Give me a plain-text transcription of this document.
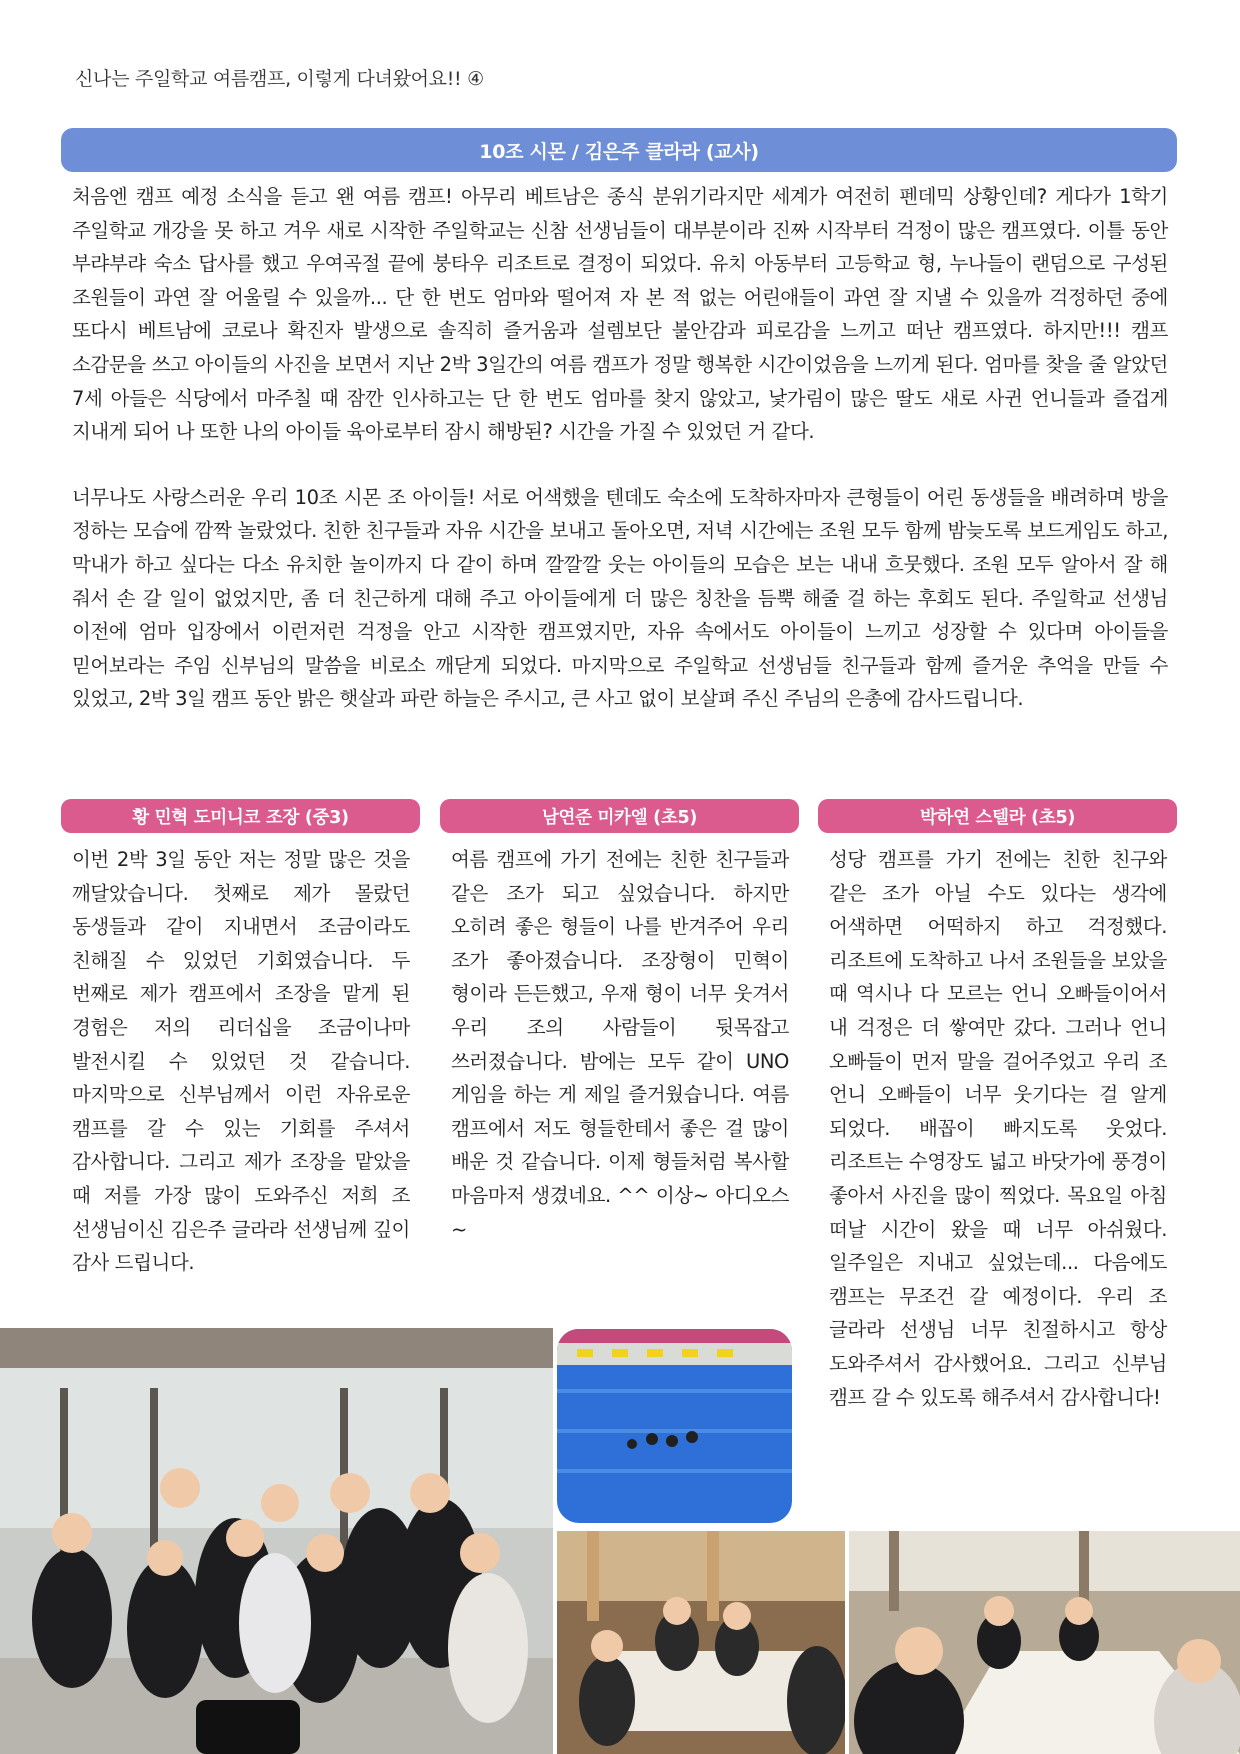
신나는 주일학교 여름캠프, 이렇게 다녀왔어요!! ④
10조 시몬 / 김은주 클라라 (교사)

처음엔 캠프 예정 소식을 듣고 왠 여름 캠프! 아무리 베트남은 종식 분위기라지만 세계가 여전히 펜데믹 상황인데? 게다가 1학기 주일학교 개강을 못 하고 겨우 새로 시작한 주일학교는 신참 선생님들이 대부분이라 진짜 시작부터 걱정이 많은 캠프였다. 이틀 동안 부랴부랴 숙소 답사를 했고 우여곡절 끝에 붕타우 리조트로 결정이 되었다. 유치 아동부터 고등학교 형, 누나들이 랜덤으로 구성된 조원들이 과연 잘 어울릴 수 있을까... 단 한 번도 엄마와 떨어져 자 본 적 없는 어린애들이 과연 잘 지낼 수 있을까 걱정하던 중에 또다시 베트남에 코로나 확진자 발생으로 솔직히 즐거움과 설렘보단 불안감과 피로감을 느끼고 떠난 캠프였다. 하지만!!! 캠프 소감문을 쓰고 아이들의 사진을 보면서 지난 2박 3일간의 여름 캠프가 정말 행복한 시간이었음을 느끼게 된다. 엄마를 찾을 줄 알았던 7세 아들은 식당에서 마주칠 때 잠깐 인사하고는 단 한 번도 엄마를 찾지 않았고, 낯가림이 많은 딸도 새로 사귄 언니들과 즐겁게 지내게 되어 나 또한 나의 아이들 육아로부터 잠시 해방된? 시간을 가질 수 있었던 거 같다.

너무나도 사랑스러운 우리 10조 시몬 조 아이들! 서로 어색했을 텐데도 숙소에 도착하자마자 큰형들이 어린 동생들을 배려하며 방을 정하는 모습에 깜짝 놀랐었다. 친한 친구들과 자유 시간을 보내고 돌아오면, 저녁 시간에는 조원 모두 함께 밤늦도록 보드게임도 하고, 막내가 하고 싶다는 다소 유치한 놀이까지 다 같이 하며 깔깔깔 웃는 아이들의 모습은 보는 내내 흐뭇했다. 조원 모두 알아서 잘 해 줘서 손 갈 일이 없었지만, 좀 더 친근하게 대해 주고 아이들에게 더 많은 칭찬을 듬뿍 해줄 걸 하는 후회도 된다. 주일학교 선생님 이전에 엄마 입장에서 이런저런 걱정을 안고 시작한 캠프였지만, 자유 속에서도 아이들이 느끼고 성장할 수 있다며 아이들을 믿어보라는 주임 신부님의 말씀을 비로소 깨닫게 되었다. 마지막으로 주일학교 선생님들 친구들과 함께 즐거운 추억을 만들 수 있었고, 2박 3일 캠프 동안 밝은 햇살과 파란 하늘은 주시고, 큰 사고 없이 보살펴 주신 주님의 은총에 감사드립니다.

황 민혁 도미니코 조장 (중3)	남연준 미카엘 (초5)	박하연 스텔라 (초5)

이번 2박 3일 동안 저는 정말 많은 것을 깨달았습니다. 첫째로 제가 몰랐던 동생들과 같이 지내면서 조금이라도 친해질 수 있었던 기회였습니다. 두 번째로 제가 캠프에서 조장을 맡게 된 경험은 저의 리더십을 조금이나마 발전시킬 수 있었던 것 같습니다. 마지막으로 신부님께서 이런 자유로운 캠프를 갈 수 있는 기회를 주셔서 감사합니다. 그리고 제가 조장을 맡았을 때 저를 가장 많이 도와주신 저희 조 선생님이신 김은주 글라라 선생님께 깊이 감사 드립니다.

여름 캠프에 가기 전에는 친한 친구들과 같은 조가 되고 싶었습니다. 하지만 오히려 좋은 형들이 나를 반겨주어 우리 조가 좋아졌습니다. 조장형이 민혁이 형이라 든든했고, 우재 형이 너무 웃겨서 우리 조의 사람들이 뒷목잡고 쓰러졌습니다. 밤에는 모두 같이 UNO 게임을 하는 게 제일 즐거웠습니다. 여름 캠프에서 저도 형들한테서 좋은 걸 많이 배운 것 같습니다. 이제 형들처럼 복사할 마음마저 생겼네요. ^^ 이상~ 아디오스~

성당 캠프를 가기 전에는 친한 친구와 같은 조가 아닐 수도 있다는 생각에 어색하면 어떡하지 하고 걱정했다. 리조트에 도착하고 나서 조원들을 보았을 때 역시나 다 모르는 언니 오빠들이어서 내 걱정은 더 쌓여만 갔다. 그러나 언니 오빠들이 먼저 말을 걸어주었고 우리 조 언니 오빠들이 너무 웃기다는 걸 알게 되었다. 배꼽이 빠지도록 웃었다. 리조트는 수영장도 넓고 바닷가에 풍경이 좋아서 사진을 많이 찍었다. 목요일 아침 떠날 시간이 왔을 때 너무 아쉬웠다. 일주일은 지내고 싶었는데... 다음에도 캠프는 무조건 갈 예정이다. 우리 조 글라라 선생님 너무 친절하시고 항상 도와주셔서 감사했어요. 그리고 신부님 캠프 갈 수 있도록 해주셔서 감사합니다!
